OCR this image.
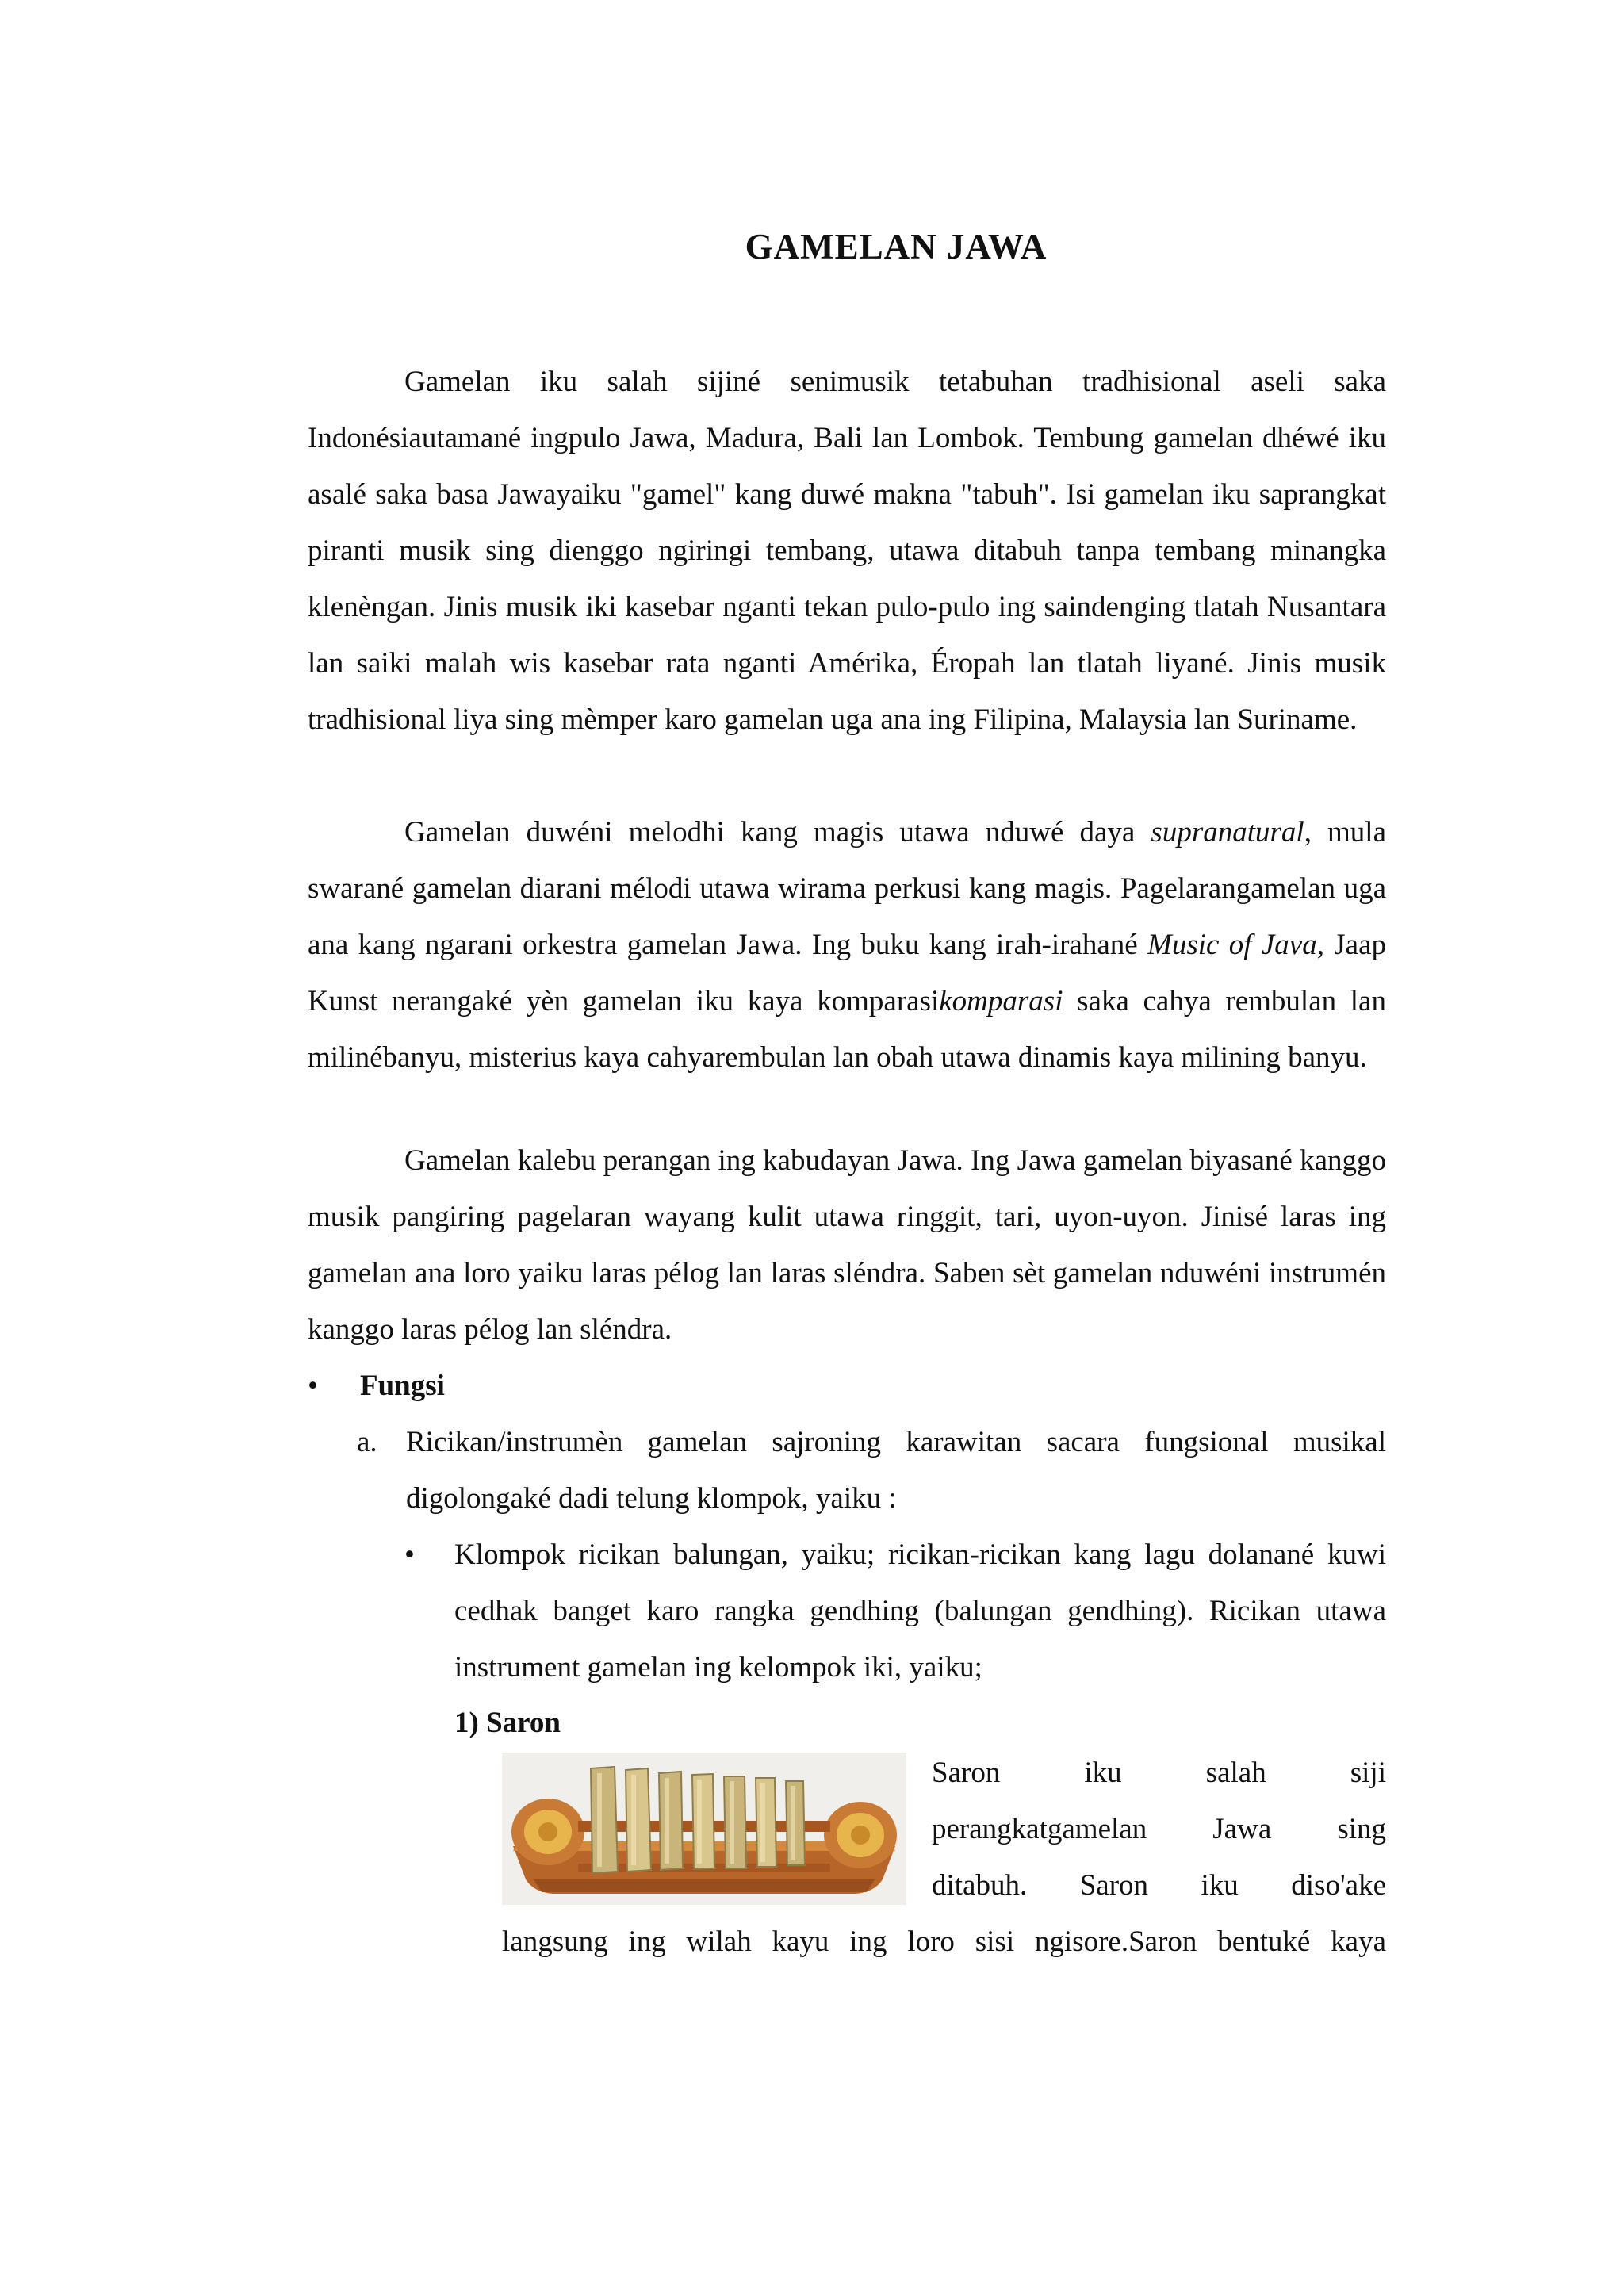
GAMELAN JAWA

Gamelan iku salah sijiné senimusik tetabuhan tradhisional aseli saka Indonésiautamané ingpulo Jawa, Madura, Bali lan Lombok. Tembung gamelan dhéwé iku asalé saka basa Jawayaiku "gamel" kang duwé makna "tabuh". Isi gamelan iku saprangkat piranti musik sing dienggo ngiringi tembang, utawa ditabuh tanpa tembang minangka klenèngan. Jinis musik iki kasebar nganti tekan pulo-pulo ing saindenging tlatah Nusantara lan saiki malah wis kasebar rata nganti Amérika, Éropah lan tlatah liyané. Jinis musik tradhisional liya sing mèmper karo gamelan uga ana ing Filipina, Malaysia lan Suriname.

Gamelan duwéni melodhi kang magis utawa nduwé daya supranatural, mula swarané gamelan diarani mélodi utawa wirama perkusi kang magis. Pagelarangamelan uga ana kang ngarani orkestra gamelan Jawa. Ing buku kang irah-irahané Music of Java, Jaap Kunst nerangaké yèn gamelan iku kaya komparasikomparasi saka cahya rembulan lan milinébanyu, misterius kaya cahyarembulan lan obah utawa dinamis kaya milining banyu.

Gamelan kalebu perangan ing kabudayan Jawa. Ing Jawa gamelan biyasané kanggo musik pangiring pagelaran wayang kulit utawa ringgit, tari, uyon-uyon. Jinisé laras ing gamelan ana loro yaiku laras pélog lan laras sléndra. Saben sèt gamelan nduwéni instrumén kanggo laras pélog lan sléndra.

• Fungsi
a. Ricikan/instrumèn gamelan sajroning karawitan sacara fungsional musikal digolongaké dadi telung klompok, yaiku :
• Klompok ricikan balungan, yaiku; ricikan-ricikan kang lagu dolanané kuwi cedhak banget karo rangka gendhing (balungan gendhing). Ricikan utawa instrument gamelan ing kelompok iki, yaiku;
1) Saron
Saron iku salah siji
perangkatgamelan Jawa sing
ditabuh. Saron iku diso'ake
langsung ing wilah kayu ing loro sisi ngisore.Saron bentuké kaya
